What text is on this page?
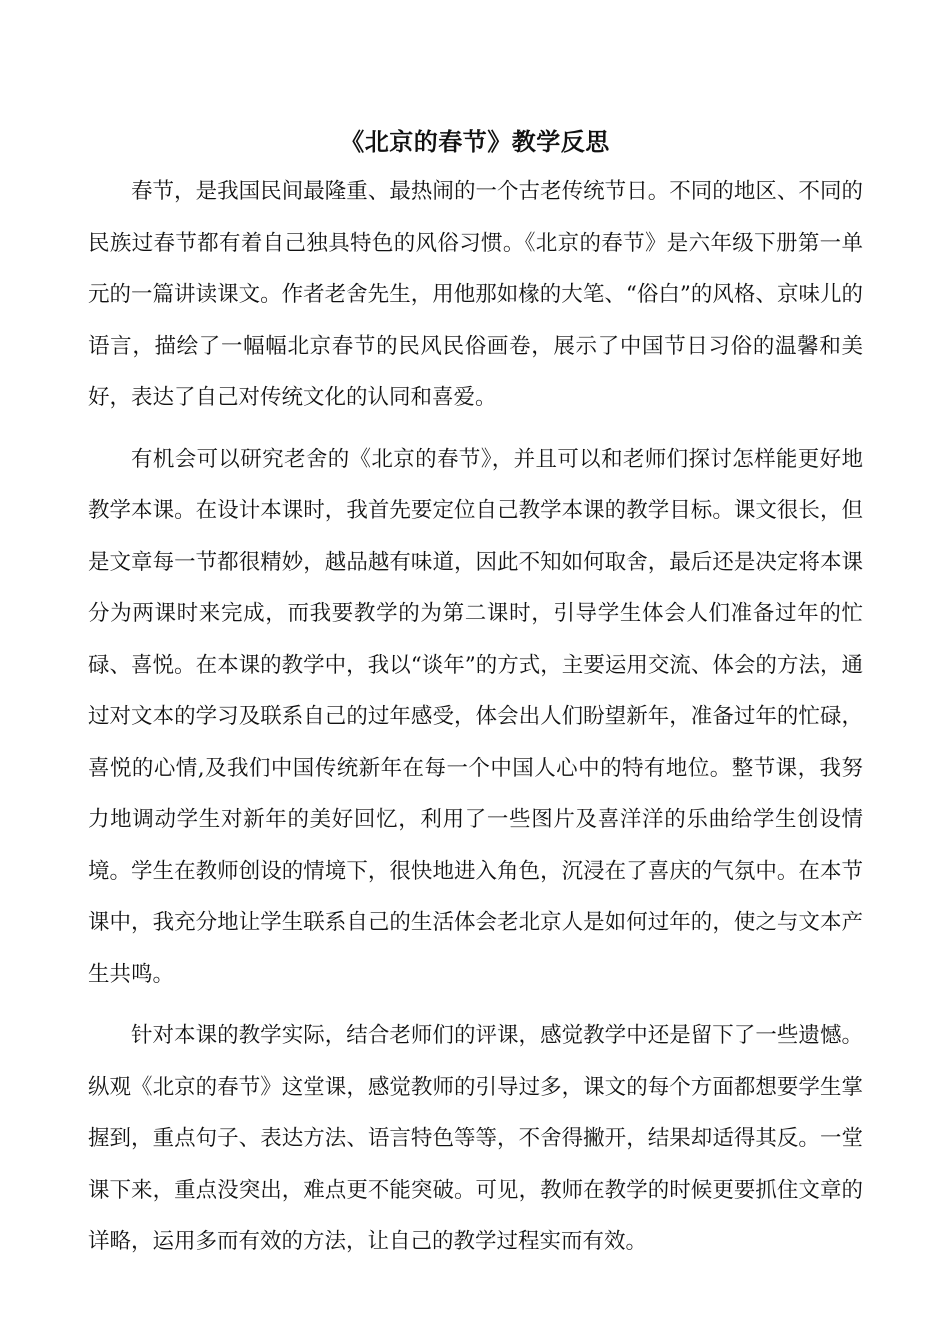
《北京的春节》教学反思

春节，是我国民间最隆重、最热闹的一个古老传统节日。不同的地区、不同的民族过春节都有着自己独具特色的风俗习惯。《北京的春节》是六年级下册第一单元的一篇讲读课文。作者老舍先生，用他那如椽的大笔、“俗白”的风格、京味儿的语言，描绘了一幅幅北京春节的民风民俗画卷，展示了中国节日习俗的温馨和美好，表达了自己对传统文化的认同和喜爱。

有机会可以研究老舍的《北京的春节》，并且可以和老师们探讨怎样能更好地教学本课。在设计本课时，我首先要定位自己教学本课的教学目标。课文很长，但是文章每一节都很精妙，越品越有味道，因此不知如何取舍，最后还是决定将本课分为两课时来完成，而我要教学的为第二课时，引导学生体会人们准备过年的忙碌、喜悦。在本课的教学中，我以“谈年”的方式，主要运用交流、体会的方法，通过对文本的学习及联系自己的过年感受，体会出人们盼望新年，准备过年的忙碌，喜悦的心情,及我们中国传统新年在每一个中国人心中的特有地位。整节课，我努力地调动学生对新年的美好回忆，利用了一些图片及喜洋洋的乐曲给学生创设情境。学生在教师创设的情境下，很快地进入角色，沉浸在了喜庆的气氛中。在本节课中，我充分地让学生联系自己的生活体会老北京人是如何过年的，使之与文本产生共鸣。

针对本课的教学实际，结合老师们的评课，感觉教学中还是留下了一些遗憾。纵观《北京的春节》这堂课，感觉教师的引导过多，课文的每个方面都想要学生掌握到，重点句子、表达方法、语言特色等等，不舍得撇开，结果却适得其反。一堂课下来，重点没突出，难点更不能突破。可见，教师在教学的时候更要抓住文章的详略，运用多而有效的方法，让自己的教学过程实而有效。
